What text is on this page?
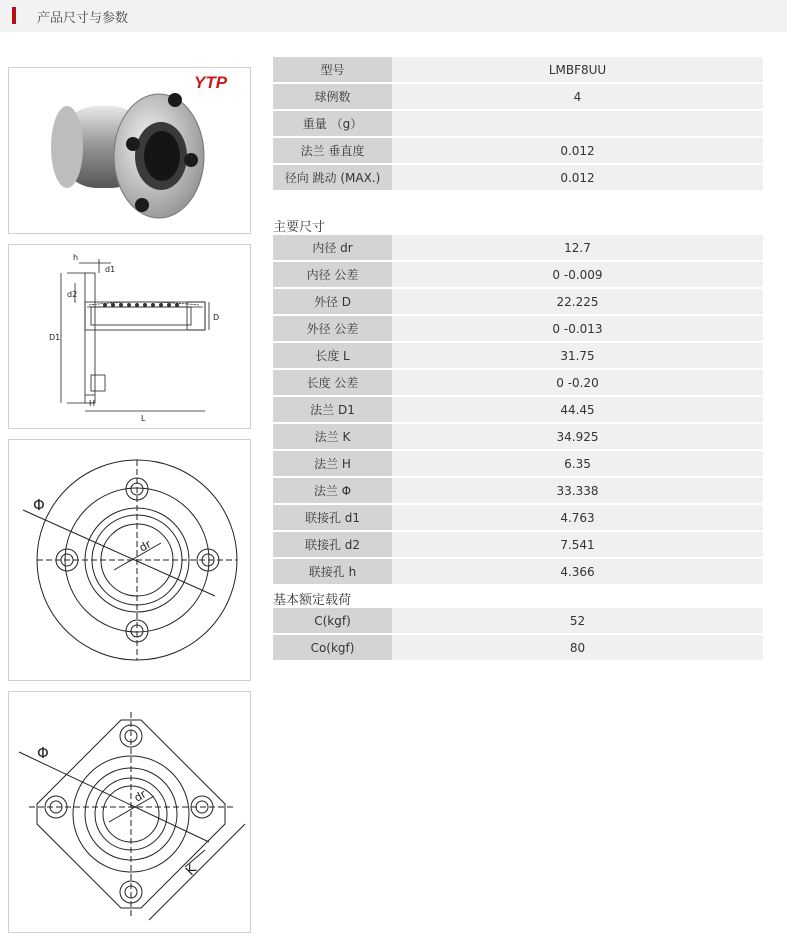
产品尺寸与参数
YTP
h
d1
d2
D1
D
H
L
Φ
dr
Φ
dr
K
型号	LMBF8UU
球例数	4
重量 （g）	
法兰 垂直度	0.012
径向 跳动 (MAX.)	0.012
主要尺寸
内径 dr	12.7
内径 公差	0 -0.009
外径 D	22.225
外径 公差	0 -0.013
长度 L	31.75
长度 公差	0 -0.20
法兰 D1	44.45
法兰 K	34.925
法兰 H	6.35
法兰 Φ	33.338
联接孔 d1	4.763
联接孔 d2	7.541
联接孔 h	4.366
基本额定载荷
C(kgf)	52
Co(kgf)	80
